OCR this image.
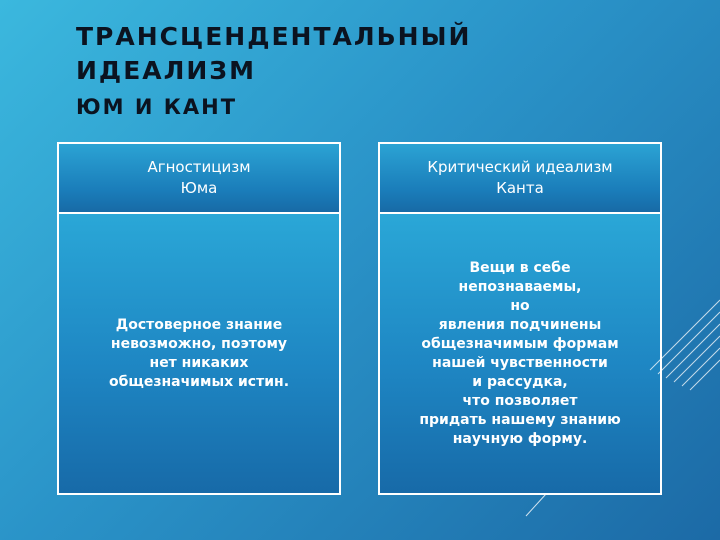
ТРАНСЦЕНДЕНТАЛЬНЫЙ ИДЕАЛИЗМ
ЮМ И КАНТ
Агностицизм
Юма
Достоверное знание
невозможно, поэтому
нет никаких
общезначимых истин.
Критический идеализм
Канта
Вещи в себе
непознаваемы,
но
явления подчинены
общезначимым формам
нашей чувственности
и рассудка,
что позволяет
придать нашему знанию
научную форму.
